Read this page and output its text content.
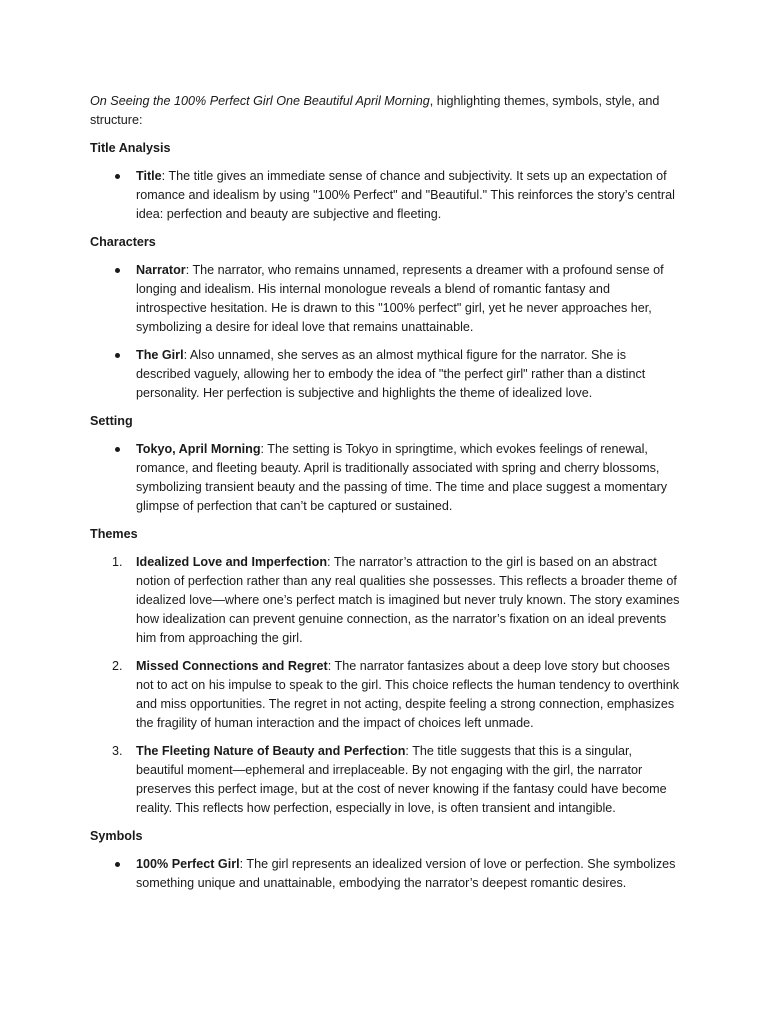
On Seeing the 100% Perfect Girl One Beautiful April Morning, highlighting themes, symbols, style, and structure:

Title Analysis
Title: The title gives an immediate sense of chance and subjectivity. It sets up an expectation of romance and idealism by using "100% Perfect" and "Beautiful." This reinforces the story’s central idea: perfection and beauty are subjective and fleeting.
Characters
Narrator: The narrator, who remains unnamed, represents a dreamer with a profound sense of longing and idealism. His internal monologue reveals a blend of romantic fantasy and introspective hesitation. He is drawn to this "100% perfect" girl, yet he never approaches her, symbolizing a desire for ideal love that remains unattainable.
The Girl: Also unnamed, she serves as an almost mythical figure for the narrator. She is described vaguely, allowing her to embody the idea of "the perfect girl" rather than a distinct personality. Her perfection is subjective and highlights the theme of idealized love.
Setting
Tokyo, April Morning: The setting is Tokyo in springtime, which evokes feelings of renewal, romance, and fleeting beauty. April is traditionally associated with spring and cherry blossoms, symbolizing transient beauty and the passing of time. The time and place suggest a momentary glimpse of perfection that can’t be captured or sustained.
Themes
1.	Idealized Love and Imperfection: The narrator’s attraction to the girl is based on an abstract notion of perfection rather than any real qualities she possesses. This reflects a broader theme of idealized love—where one’s perfect match is imagined but never truly known. The story examines how idealization can prevent genuine connection, as the narrator’s fixation on an ideal prevents him from approaching the girl.
2.	Missed Connections and Regret: The narrator fantasizes about a deep love story but chooses not to act on his impulse to speak to the girl. This choice reflects the human tendency to overthink and miss opportunities. The regret in not acting, despite feeling a strong connection, emphasizes the fragility of human interaction and the impact of choices left unmade.
3.	The Fleeting Nature of Beauty and Perfection: The title suggests that this is a singular, beautiful moment—ephemeral and irreplaceable. By not engaging with the girl, the narrator preserves this perfect image, but at the cost of never knowing if the fantasy could have become reality. This reflects how perfection, especially in love, is often transient and intangible.
Symbols
100% Perfect Girl: The girl represents an idealized version of love or perfection. She symbolizes something unique and unattainable, embodying the narrator’s deepest romantic desires.
